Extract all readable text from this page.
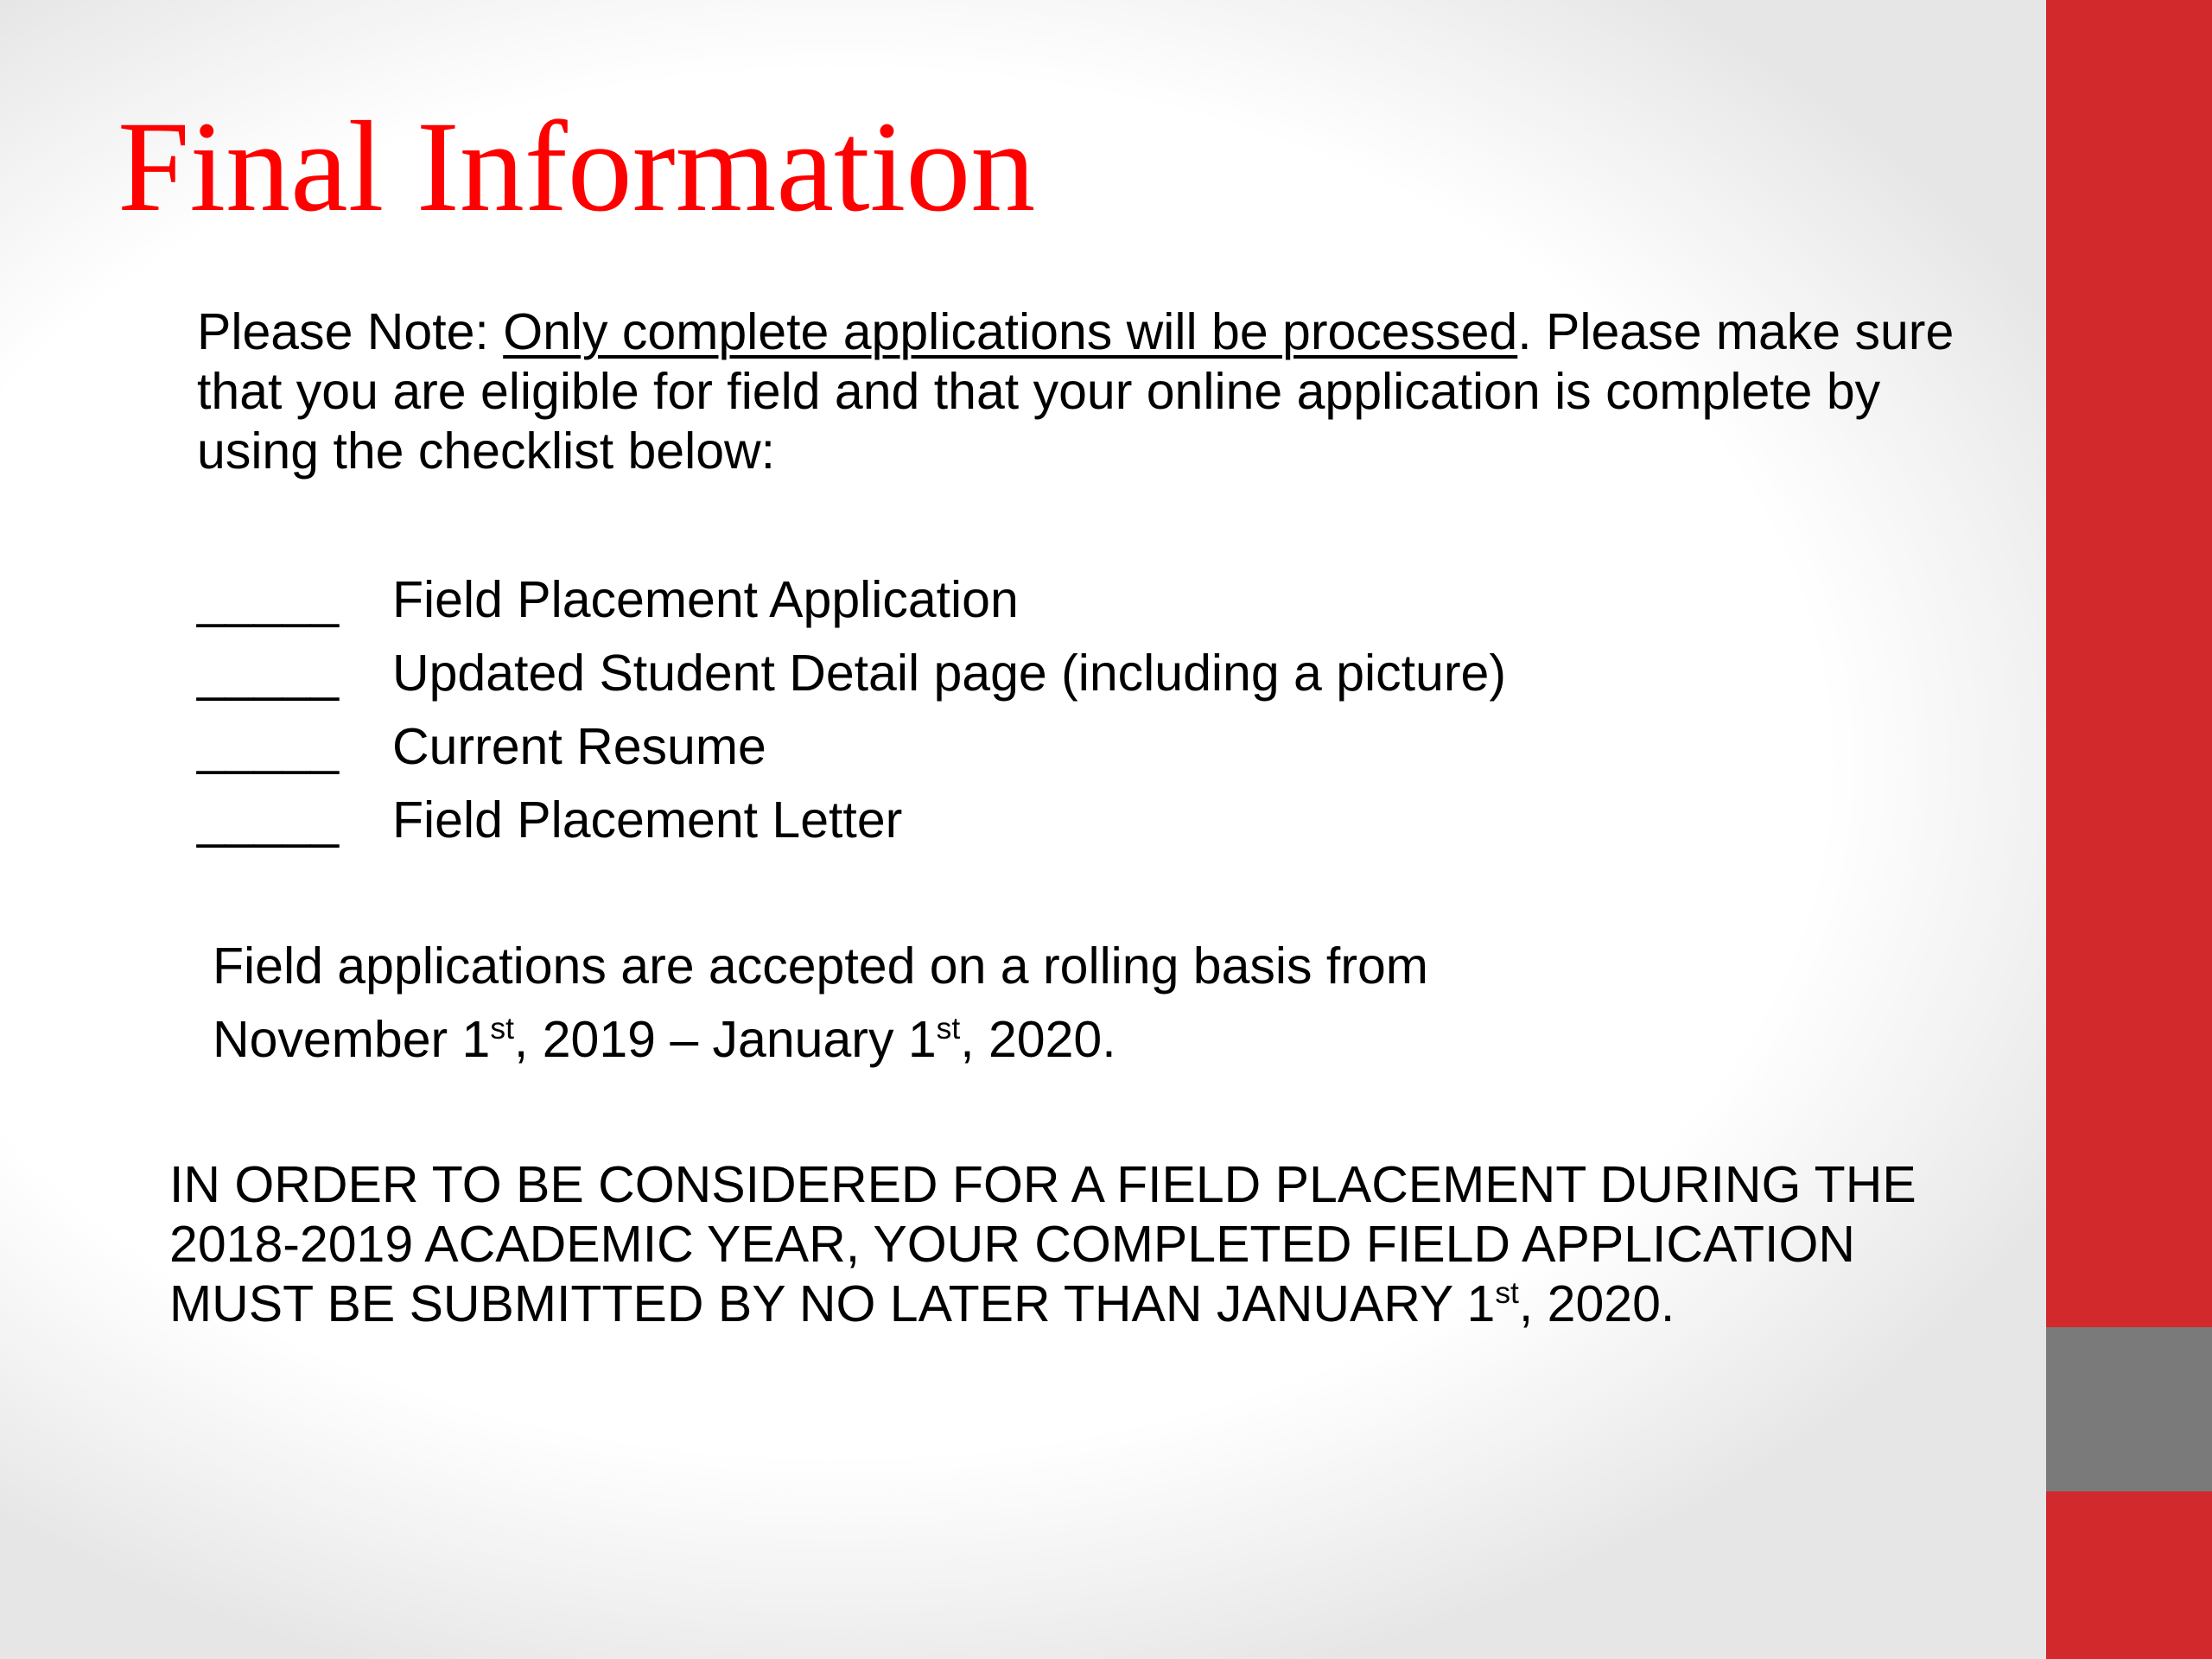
Final Information

Please Note: Only complete applications will be processed. Please make sure that you are eligible for field and that your online application is complete by using the checklist below:

_____ Field Placement Application
_____ Updated Student Detail page (including a picture)
_____ Current Resume
_____ Field Placement Letter

Field applications are accepted on a rolling basis from
November 1st, 2019 – January 1st, 2020.

IN ORDER TO BE CONSIDERED FOR A FIELD PLACEMENT DURING THE
2018-2019 ACADEMIC YEAR, YOUR COMPLETED FIELD APPLICATION
MUST BE SUBMITTED BY NO LATER THAN JANUARY 1st, 2020.
